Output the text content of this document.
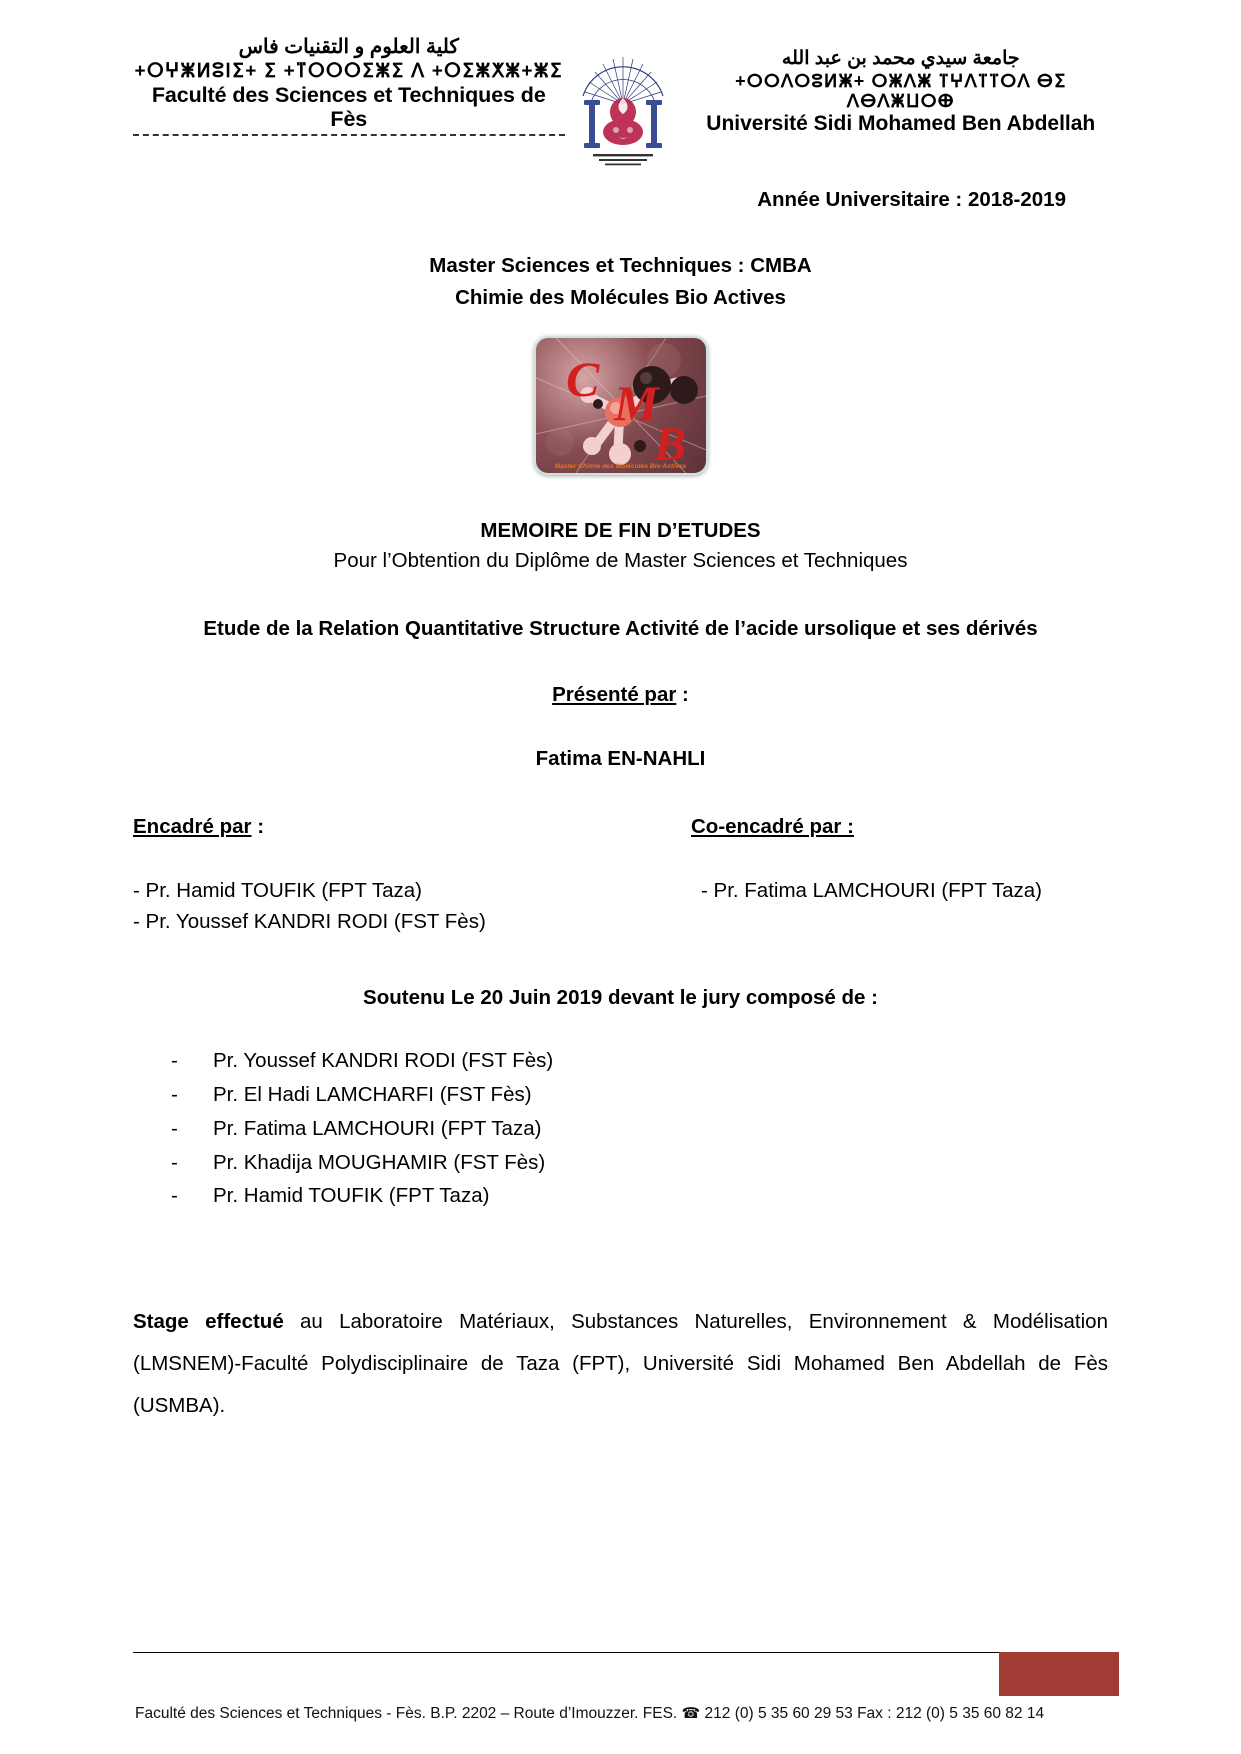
كلية العلوم و التقنيات فاس
+ⵔⵖⵥⵍⵓⵏⵉ+ ⵉ +ⴶⵔⵔⵔⵉⵥⵉ ⴷ +ⵔⵉⵥⵅⵥ+ⵥⵉ
Faculté des Sciences et Techniques de Fès
جامعة سيدي محمد بن عبد الله
+ⵔⵔⴷⵔⵓⵍⵥ+ ⵔⵥⴷⵥ ⴶⵖⴷⴶⴶⵔⴷ ⴱⵉ ⴷⴱⴷⵥⵡⵔⴲ
Université Sidi Mohamed Ben Abdellah
Année Universitaire : 2018-2019
Master Sciences et Techniques : CMBA
Chimie des Molécules Bio Actives
C M
B
Master Chimie des Molécules Bio Actives
MEMOIRE DE FIN D’ETUDES
Pour l’Obtention du Diplôme de Master Sciences et Techniques
Etude de la Relation Quantitative Structure Activité de l’acide ursolique et ses dérivés
Présenté par :
Fatima EN-NAHLI
Encadré par :	Co-encadré par :
- Pr. Hamid TOUFIK (FPT Taza)
- Pr. Youssef KANDRI RODI (FST Fès)
- Pr. Fatima LAMCHOURI (FPT Taza)
Soutenu Le 20 Juin 2019 devant le jury composé de :
-	Pr. Youssef KANDRI RODI (FST Fès)
-	Pr. El Hadi LAMCHARFI (FST Fès)
-	Pr. Fatima LAMCHOURI (FPT Taza)
-	Pr. Khadija MOUGHAMIR (FST Fès)
-	Pr. Hamid TOUFIK (FPT Taza)

Stage effectué au Laboratoire Matériaux, Substances Naturelles, Environnement & Modélisation (LMSNEM)-Faculté Polydisciplinaire de Taza (FPT), Université Sidi Mohamed Ben Abdellah de Fès (USMBA).

Faculté des Sciences et Techniques - Fès. B.P. 2202 – Route d’Imouzzer. FES. ☎ 212 (0) 5 35 60 29 53 Fax : 212 (0) 5 35 60 82 14
